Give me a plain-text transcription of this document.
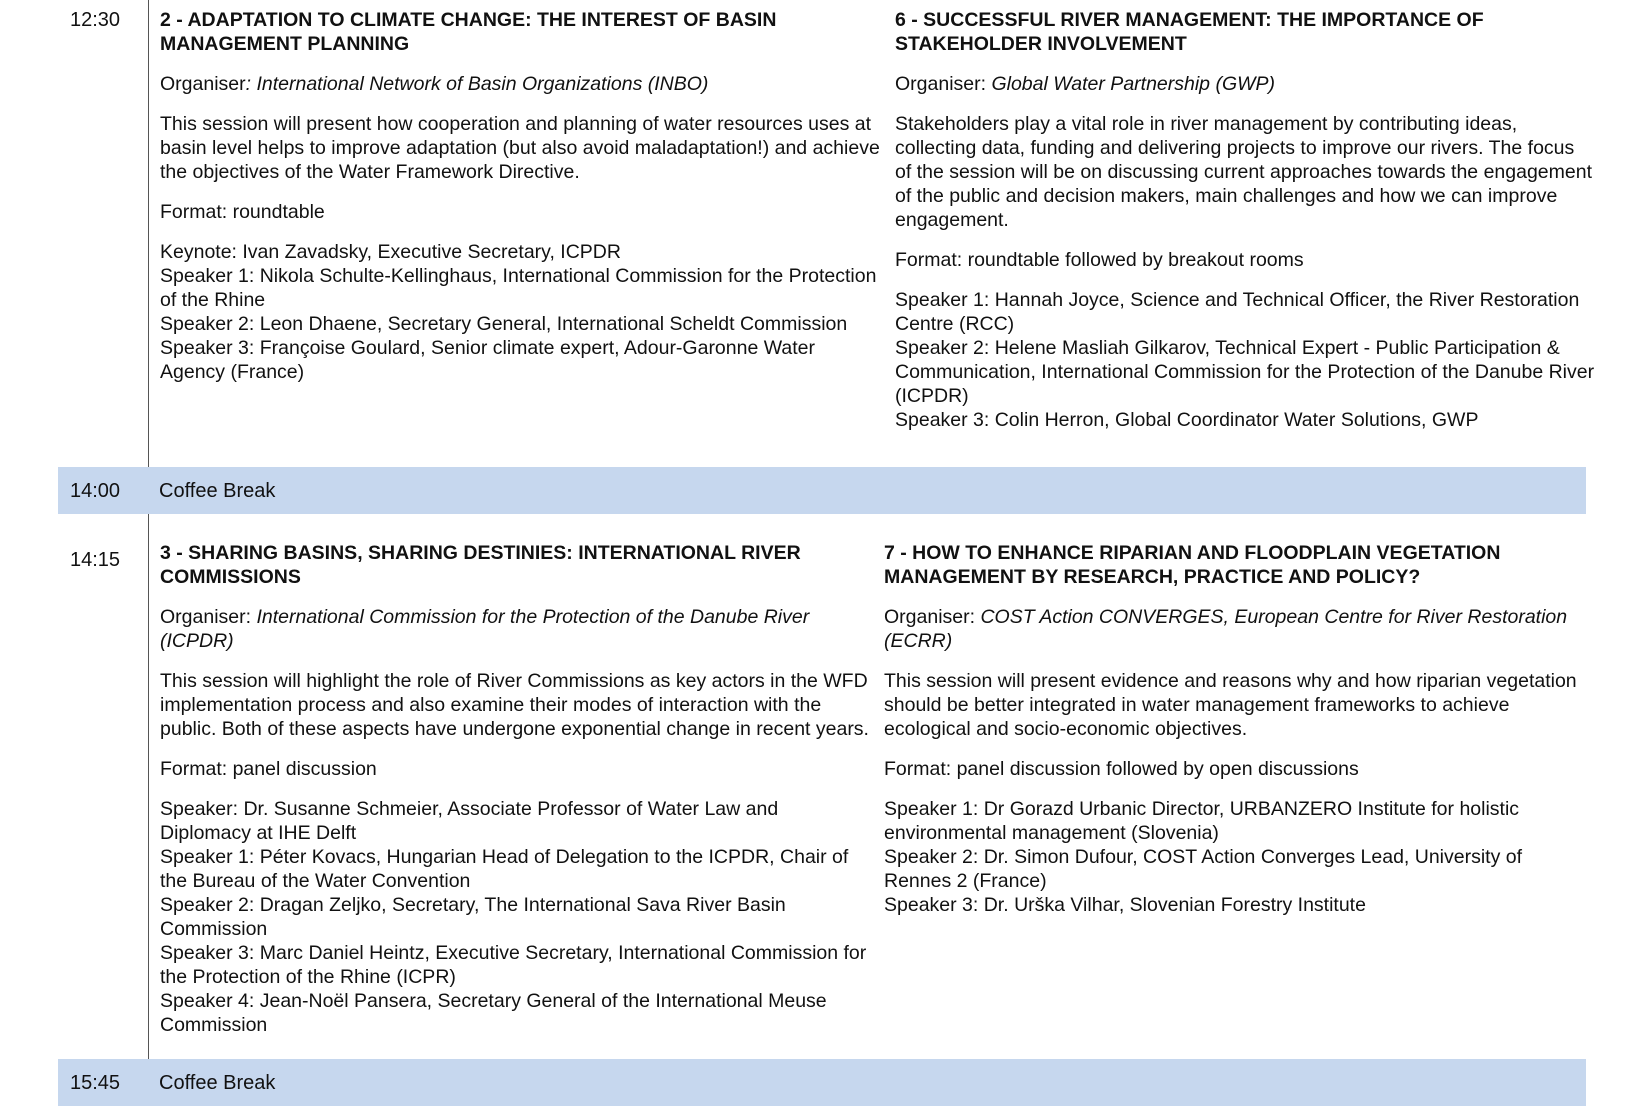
12:30	2 - ADAPTATION TO CLIMATE CHANGE: THE INTEREST OF BASIN MANAGEMENT PLANNING

Organiser: International Network of Basin Organizations (INBO)

This session will present how cooperation and planning of water resources uses at basin level helps to improve adaptation (but also avoid maladaptation!) and achieve the objectives of the Water Framework Directive.

Format: roundtable

Keynote: Ivan Zavadsky, Executive Secretary, ICPDR

Speaker 1: Nikola Schulte-Kellinghaus, International Commission for the Protection of the Rhine

Speaker 2: Leon Dhaene, Secretary General, International Scheldt Commission

Speaker 3: Françoise Goulard, Senior climate expert, Adour-Garonne Water Agency (France)

6 - SUCCESSFUL RIVER MANAGEMENT: THE IMPORTANCE OF STAKEHOLDER INVOLVEMENT

Organiser: Global Water Partnership (GWP)

Stakeholders play a vital role in river management by contributing ideas, collecting data, funding and delivering projects to improve our rivers. The focus of the session will be on discussing current approaches towards the engagement of the public and decision makers, main challenges and how we can improve engagement.

Format: roundtable followed by breakout rooms

Speaker 1: Hannah Joyce, Science and Technical Officer, the River Restoration Centre (RCC)

Speaker 2: Helene Masliah Gilkarov, Technical Expert - Public Participation & Communication, International Commission for the Protection of the Danube River (ICPDR)

Speaker 3: Colin Herron, Global Coordinator Water Solutions, GWP

14:00 Coffee Break
14:15	3 - SHARING BASINS, SHARING DESTINIES: INTERNATIONAL RIVER COMMISSIONS

Organiser: International Commission for the Protection of the Danube River (ICPDR)

This session will highlight the role of River Commissions as key actors in the WFD implementation process and also examine their modes of interaction with the public. Both of these aspects have undergone exponential change in recent years.

Format: panel discussion

Speaker: Dr. Susanne Schmeier, Associate Professor of Water Law and Diplomacy at IHE Delft

Speaker 1: Péter Kovacs, Hungarian Head of Delegation to the ICPDR, Chair of the Bureau of the Water Convention

Speaker 2: Dragan Zeljko, Secretary, The International Sava River Basin Commission

Speaker 3: Marc Daniel Heintz, Executive Secretary, International Commission for the Protection of the Rhine (ICPR)

Speaker 4: Jean-Noël Pansera, Secretary General of the International Meuse Commission

7 - HOW TO ENHANCE RIPARIAN AND FLOODPLAIN VEGETATION MANAGEMENT BY RESEARCH, PRACTICE AND POLICY?

Organiser: COST Action CONVERGES, European Centre for River Restoration (ECRR)

This session will present evidence and reasons why and how riparian vegetation should be better integrated in water management frameworks to achieve ecological and socio-economic objectives.

Format: panel discussion followed by open discussions

Speaker 1: Dr Gorazd Urbanic Director, URBANZERO Institute for holistic environmental management (Slovenia)

Speaker 2: Dr. Simon Dufour, COST Action Converges Lead, University of Rennes 2 (France)

Speaker 3: Dr. Urška Vilhar, Slovenian Forestry Institute

15:45 Coffee Break
